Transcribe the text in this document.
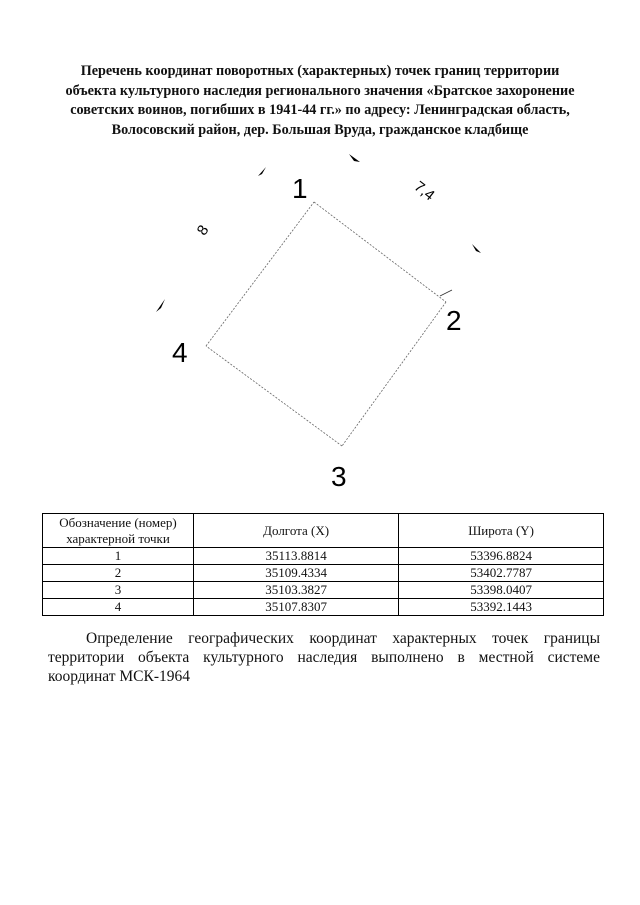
Перечень координат поворотных (характерных) точек границ территории
объекта культурного наследия регионального значения «Братское захоронение
советских воинов, погибших в 1941-44 гг.» по адресу: Ленинградская область,
Волосовский район, дер. Большая Вруда, гражданское кладбище
1
2
3
4
7,4
8
Обозначение (номер) характерной точки	Долгота (X)	Широта (Y)
1	35113.8814	53396.8824
2	35109.4334	53402.7787
3	35103.3827	53398.0407
4	35107.8307	53392.1443
Определение географических координат характерных точек границы территории объекта культурного наследия выполнено в местной системе координат МСК-1964
